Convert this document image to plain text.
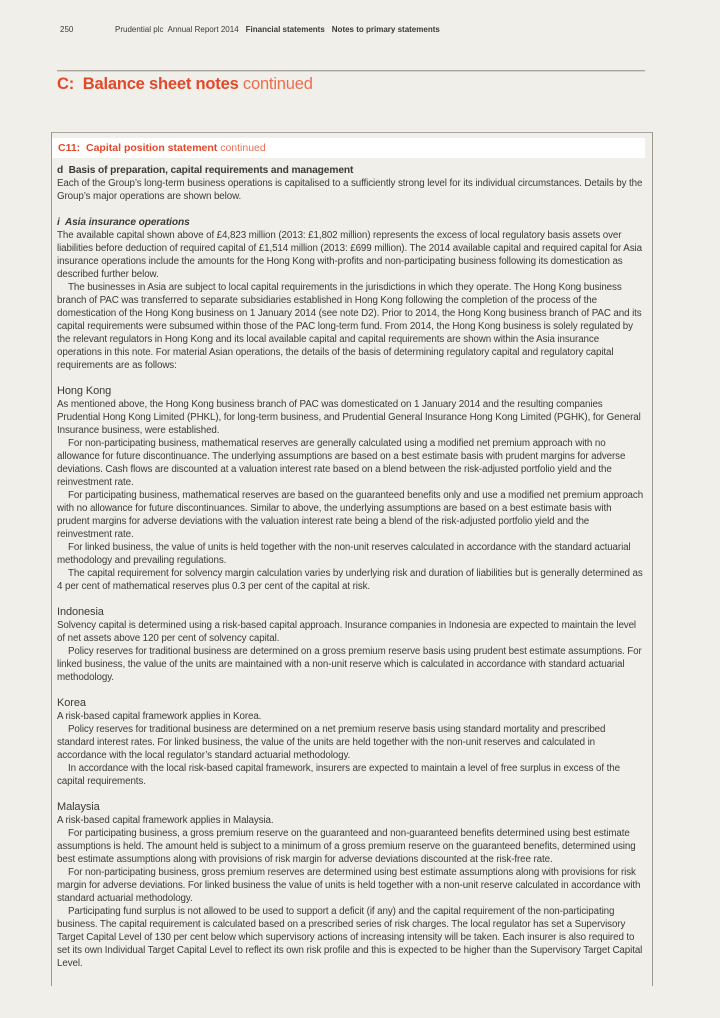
250	Prudential plc  Annual Report 2014 Financial statements Notes to primary statements
C:  Balance sheet notes continued
C11:  Capital position statement continued

d  Basis of preparation, capital requirements and management

Each of the Group’s long-term business operations is capitalised to a sufficiently strong level for its individual circumstances. Details by the Group’s major operations are shown below.

i  Asia insurance operations

The available capital shown above of £4,823 million (2013: £1,802 million) represents the excess of local regulatory basis assets over liabilities before deduction of required capital of £1,514 million (2013: £699 million). The 2014 available capital and required capital for Asia insurance operations include the amounts for the Hong Kong with-profits and non-participating business following its domestication as described further below.

The businesses in Asia are subject to local capital requirements in the jurisdictions in which they operate. The Hong Kong business branch of PAC was transferred to separate subsidiaries established in Hong Kong following the completion of the process of the domestication of the Hong Kong business on 1 January 2014 (see note D2). Prior to 2014, the Hong Kong business branch of PAC and its capital requirements were subsumed within those of the PAC long-term fund. From 2014, the Hong Kong business is solely regulated by the relevant regulators in Hong Kong and its local available capital and capital requirements are shown within the Asia insurance operations in this note. For material Asian operations, the details of the basis of determining regulatory capital and regulatory capital requirements are as follows:

Hong Kong

As mentioned above, the Hong Kong business branch of PAC was domesticated on 1 January 2014 and the resulting companies Prudential Hong Kong Limited (PHKL), for long-term business, and Prudential General Insurance Hong Kong Limited (PGHK), for General Insurance business, were established.

For non-participating business, mathematical reserves are generally calculated using a modified net premium approach with no allowance for future discontinuance. The underlying assumptions are based on a best estimate basis with prudent margins for adverse deviations. Cash flows are discounted at a valuation interest rate based on a blend between the risk-adjusted portfolio yield and the reinvestment rate.

For participating business, mathematical reserves are based on the guaranteed benefits only and use a modified net premium approach with no allowance for future discontinuances. Similar to above, the underlying assumptions are based on a best estimate basis with prudent margins for adverse deviations with the valuation interest rate being a blend of the risk-adjusted portfolio yield and the reinvestment rate.

For linked business, the value of units is held together with the non-unit reserves calculated in accordance with the standard actuarial methodology and prevailing regulations.

The capital requirement for solvency margin calculation varies by underlying risk and duration of liabilities but is generally determined as 4 per cent of mathematical reserves plus 0.3 per cent of the capital at risk.

Indonesia

Solvency capital is determined using a risk-based capital approach. Insurance companies in Indonesia are expected to maintain the level of net assets above 120 per cent of solvency capital.

Policy reserves for traditional business are determined on a gross premium reserve basis using prudent best estimate assumptions. For linked business, the value of the units are maintained with a non-unit reserve which is calculated in accordance with standard actuarial methodology.

Korea

A risk-based capital framework applies in Korea.

Policy reserves for traditional business are determined on a net premium reserve basis using standard mortality and prescribed standard interest rates. For linked business, the value of the units are held together with the non-unit reserves and calculated in accordance with the local regulator’s standard actuarial methodology.

In accordance with the local risk-based capital framework, insurers are expected to maintain a level of free surplus in excess of the capital requirements.

Malaysia

A risk-based capital framework applies in Malaysia.

For participating business, a gross premium reserve on the guaranteed and non-guaranteed benefits determined using best estimate assumptions is held. The amount held is subject to a minimum of a gross premium reserve on the guaranteed benefits, determined using best estimate assumptions along with provisions of risk margin for adverse deviations discounted at the risk-free rate.

For non-participating business, gross premium reserves are determined using best estimate assumptions along with provisions for risk margin for adverse deviations. For linked business the value of units is held together with a non-unit reserve calculated in accordance with standard actuarial methodology.

Participating fund surplus is not allowed to be used to support a deficit (if any) and the capital requirement of the non-participating business. The capital requirement is calculated based on a prescribed series of risk charges. The local regulator has set a Supervisory Target Capital Level of 130 per cent below which supervisory actions of increasing intensity will be taken. Each insurer is also required to set its own Individual Target Capital Level to reflect its own risk profile and this is expected to be higher than the Supervisory Target Capital Level.
